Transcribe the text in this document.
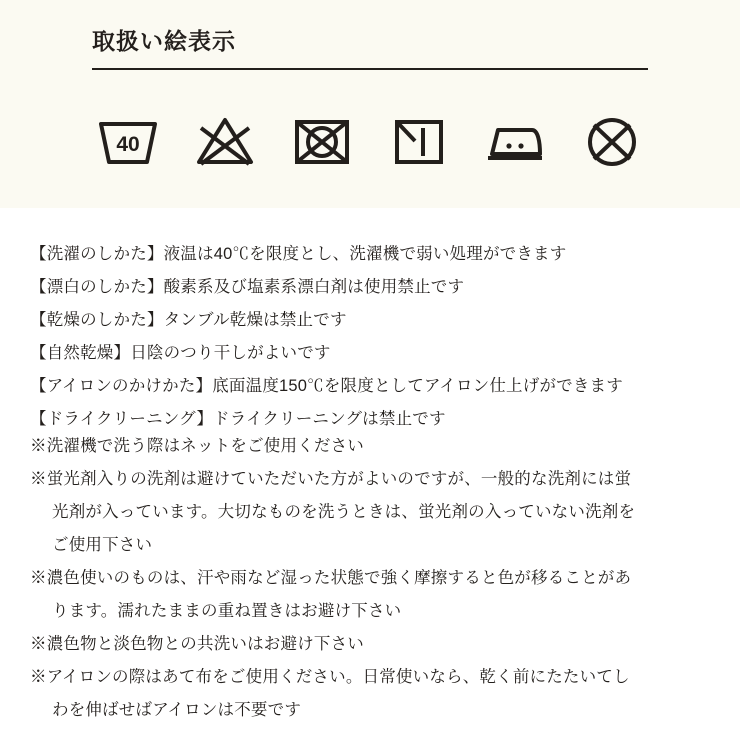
取扱い絵表示
40
【洗濯のしかた】液温は40℃を限度とし、洗濯機で弱い処理ができます
【漂白のしかた】酸素系及び塩素系漂白剤は使用禁止です
【乾燥のしかた】タンブル乾燥は禁止です
【自然乾燥】日陰のつり干しがよいです
【アイロンのかけかた】底面温度150℃を限度としてアイロン仕上げができます
【ドライクリーニング】ドライクリーニングは禁止です
※洗濯機で洗う際はネットをご使用ください
※蛍光剤入りの洗剤は避けていただいた方がよいのですが、一般的な洗剤には蛍
光剤が入っています。大切なものを洗うときは、蛍光剤の入っていない洗剤を
ご使用下さい
※濃色使いのものは、汗や雨など湿った状態で強く摩擦すると色が移ることがあ
ります。濡れたままの重ね置きはお避け下さい
※濃色物と淡色物との共洗いはお避け下さい
※アイロンの際はあて布をご使用ください。日常使いなら、乾く前にたたいてし
わを伸ばせばアイロンは不要です
